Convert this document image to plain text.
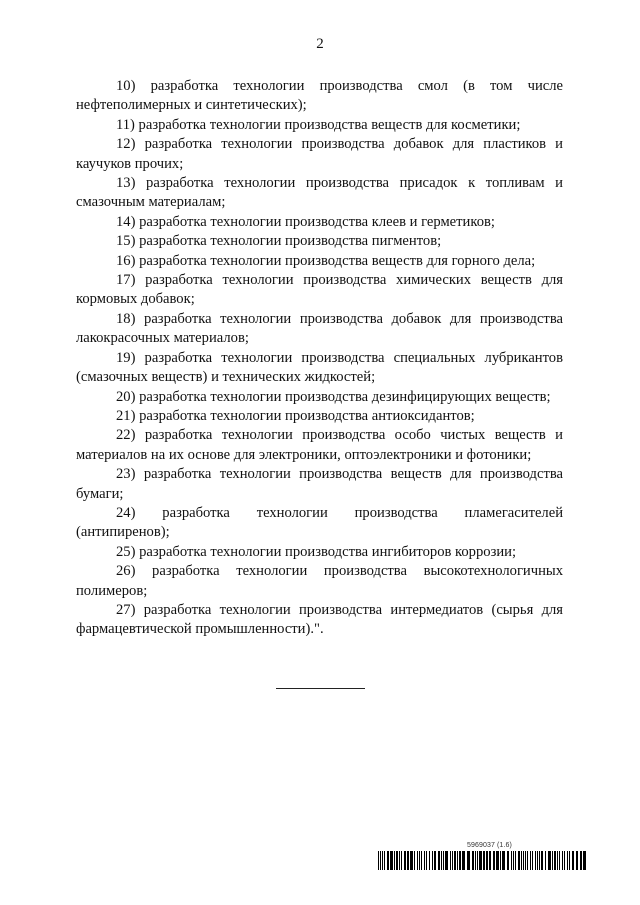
2

10) разработка технологии производства смол (в том числе нефтеполимерных и синтетических);

11) разработка технологии производства веществ для косметики;

12) разработка технологии производства добавок для пластиков и каучуков прочих;

13) разработка технологии производства присадок к топливам и смазочным материалам;

14) разработка технологии производства клеев и герметиков;

15) разработка технологии производства пигментов;

16) разработка технологии производства веществ для горного дела;

17) разработка технологии производства химических веществ для кормовых добавок;

18) разработка технологии производства добавок для производства лакокрасочных материалов;

19) разработка технологии производства специальных лубрикантов (смазочных веществ) и технических жидкостей;

20) разработка технологии производства дезинфицирующих веществ;

21) разработка технологии производства антиоксидантов;

22) разработка технологии производства особо чистых веществ и материалов на их основе для электроники, оптоэлектроники и фотоники;

23) разработка технологии производства веществ для производства бумаги;

24) разработка технологии производства пламегасителей (антипиренов);

25) разработка технологии производства ингибиторов коррозии;

26) разработка технологии производства высокотехнологичных полимеров;

27) разработка технологии производства интермедиатов (сырья для фармацевтической промышленности).".

5969037 (1.6)
